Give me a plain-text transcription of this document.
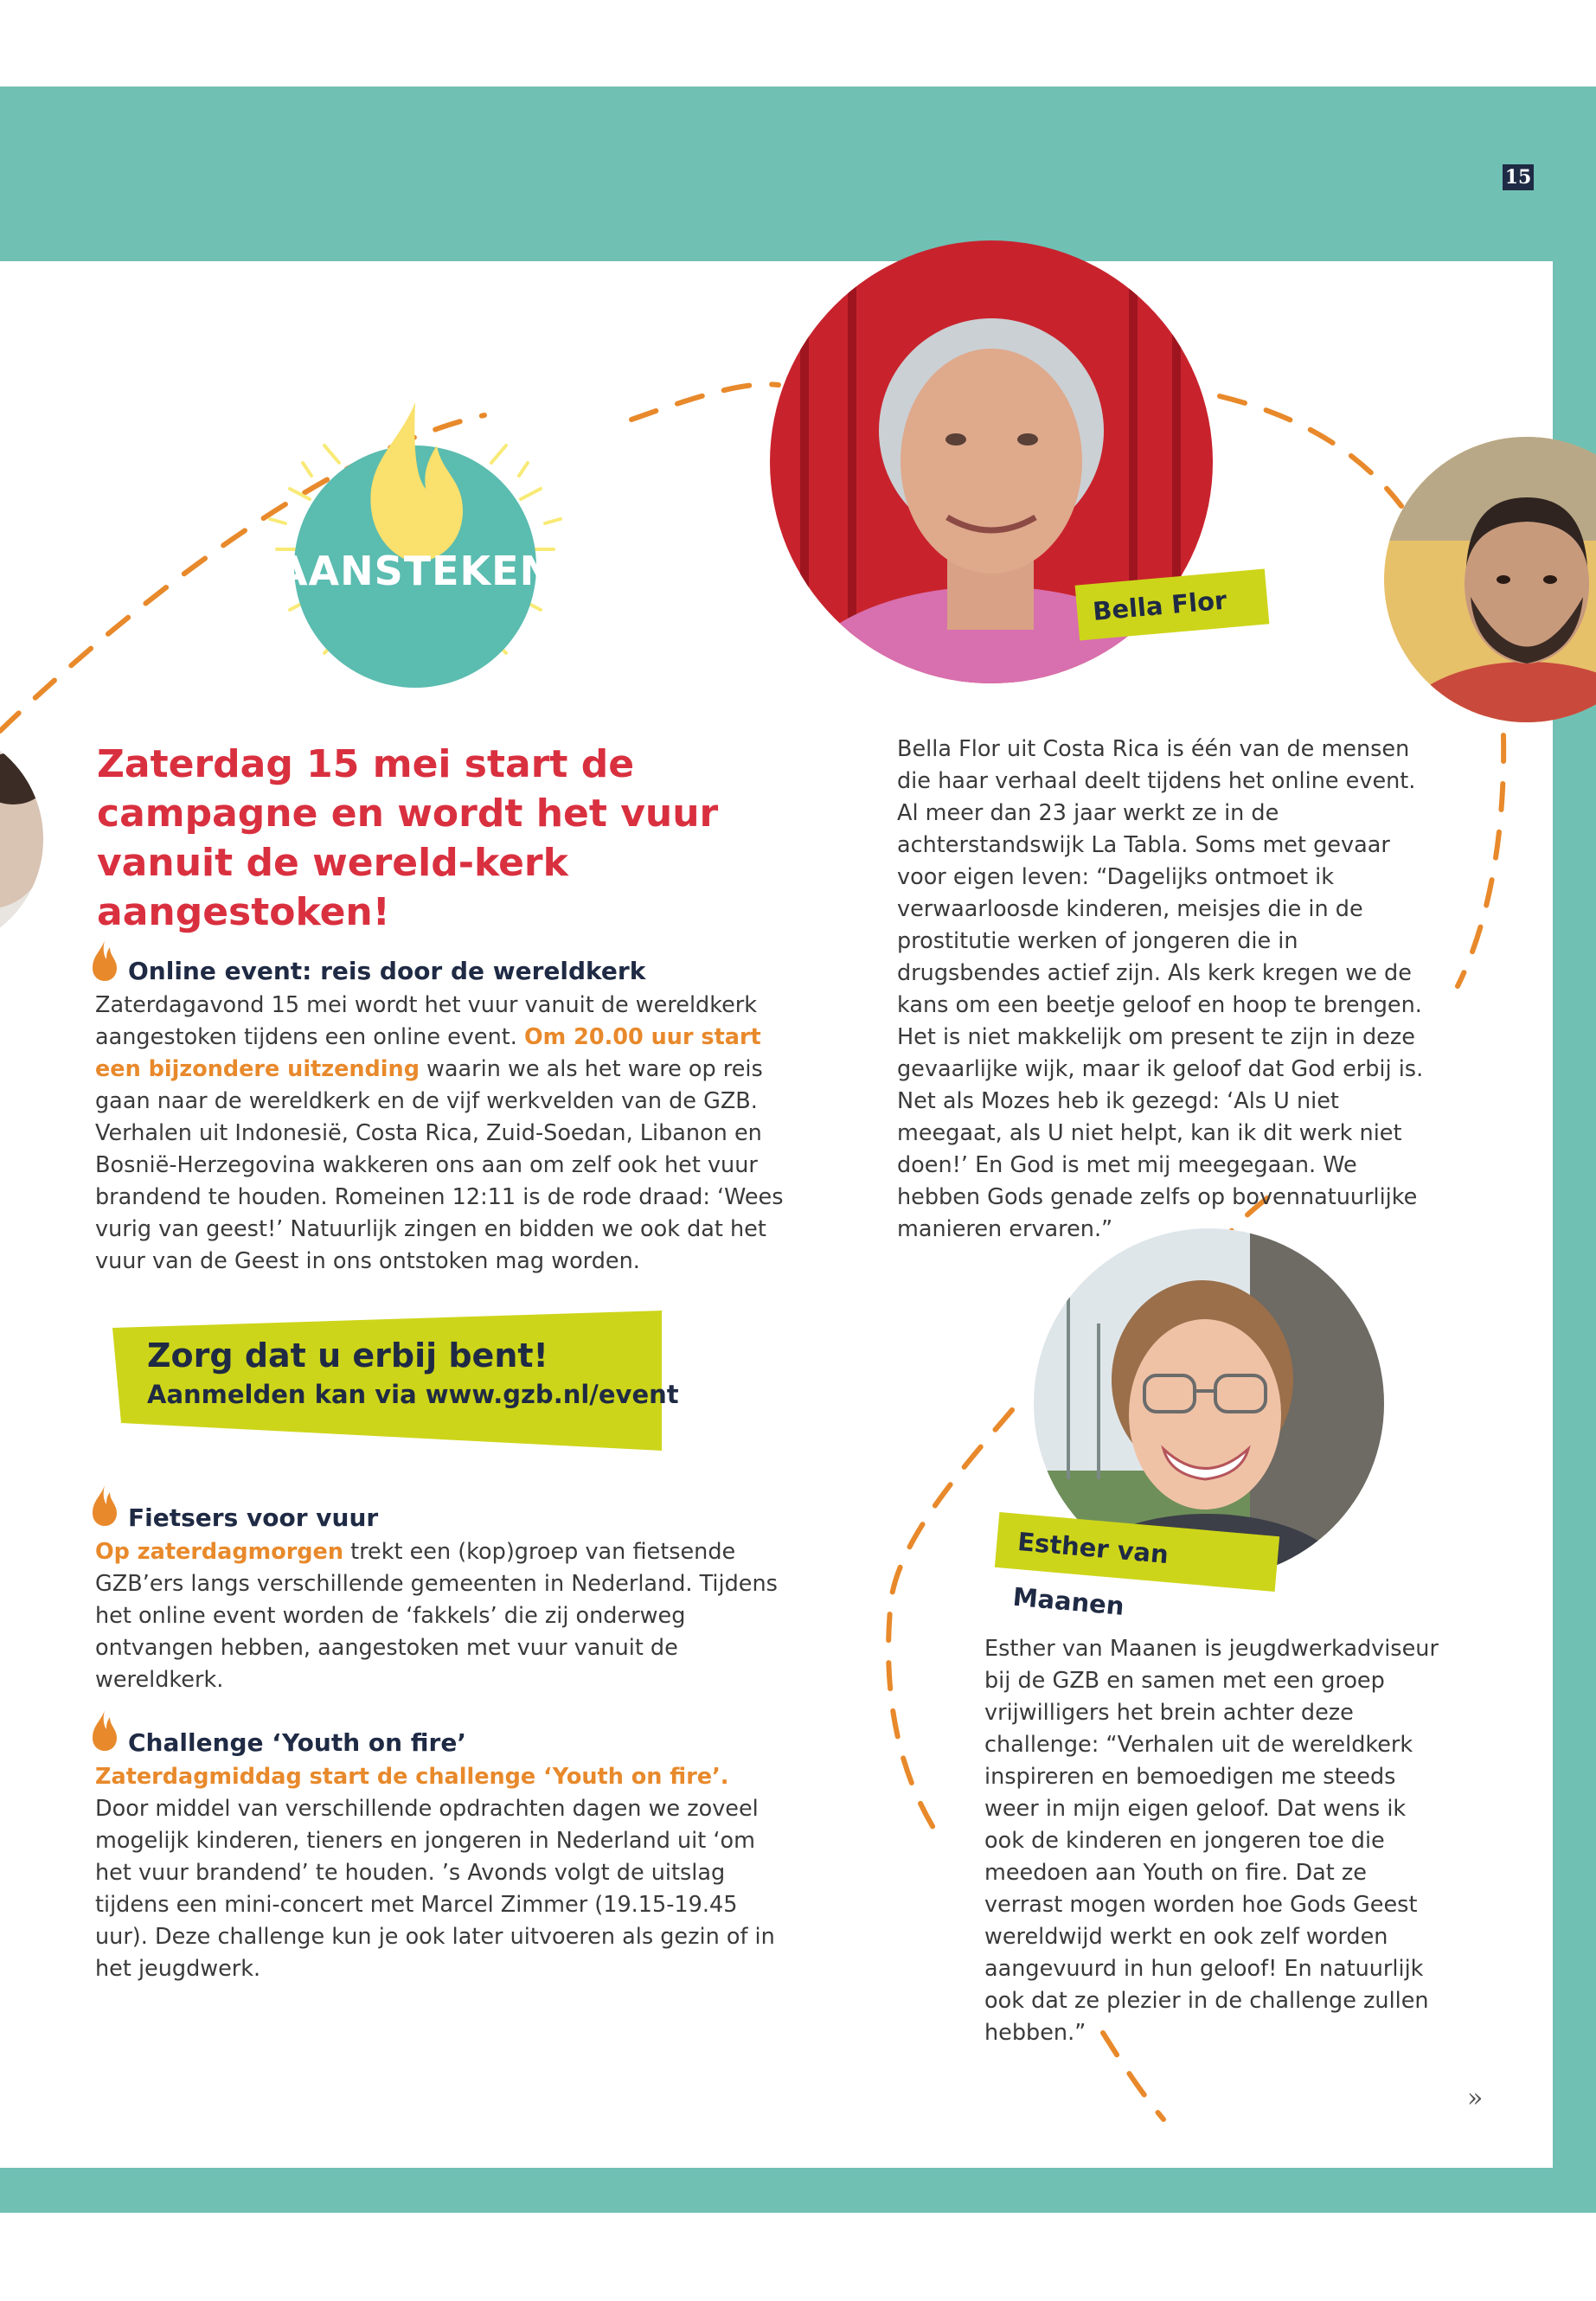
15
AANSTEKEN
Bella Flor
Esther van Maanen
Zaterdag 15 mei start de campagne en wordt het vuur vanuit de wereld-kerk aangestoken!
Online event: reis door de wereldkerk

Zaterdagavond 15 mei wordt het vuur vanuit de wereldkerk aangestoken tijdens een online event. Om 20.00 uur start een bijzondere uitzending waarin we als het ware op reis gaan naar de wereldkerk en de vijf werkvelden van de GZB. Verhalen uit Indonesië, Costa Rica, Zuid-Soedan, Libanon en Bosnië-Herzegovina wakkeren ons aan om zelf ook het vuur brandend te houden. Romeinen 12:11 is de rode draad: ‘Wees vurig van geest!’ Natuurlijk zingen en bidden we ook dat het vuur van de Geest in ons ontstoken mag worden.

Zorg dat u erbij bent!
Aanmelden kan via www.gzb.nl/event
Fietsers voor vuur

Op zaterdagmorgen trekt een (kop)groep van fietsende GZB’ers langs verschillende gemeenten in Nederland. Tijdens het online event worden de ‘fakkels’ die zij onderweg ontvangen hebben, aangestoken met vuur vanuit de wereldkerk.

Challenge ‘Youth on fire’

Zaterdagmiddag start de challenge ‘Youth on fire’. Door middel van verschillende opdrachten dagen we zoveel mogelijk kinderen, tieners en jongeren in Nederland uit ‘om het vuur brandend’ te houden. ’s Avonds volgt de uitslag tijdens een mini-concert met Marcel Zimmer (19.15-19.45 uur). Deze challenge kun je ook later uitvoeren als gezin of in het jeugdwerk.

Bella Flor uit Costa Rica is één van de mensen die haar verhaal deelt tijdens het online event. Al meer dan 23 jaar werkt ze in de achterstandswijk La Tabla. Soms met gevaar voor eigen leven: “Dagelijks ontmoet ik verwaarloosde kinderen, meisjes die in de prostitutie werken of jongeren die in drugsbendes actief zijn. Als kerk kregen we de kans om een beetje geloof en hoop te brengen. Het is niet makkelijk om present te zijn in deze gevaarlijke wijk, maar ik geloof dat God erbij is. Net als Mozes heb ik gezegd: ‘Als U niet meegaat, als U niet helpt, kan ik dit werk niet doen!’ En God is met mij meegegaan. We hebben Gods genade zelfs op bovennatuurlijke manieren ervaren.”

Esther van Maanen is jeugdwerkadviseur bij de GZB en samen met een groep vrijwilligers het brein achter deze challenge: “Verhalen uit de wereldkerk inspireren en bemoedigen me steeds weer in mijn eigen geloof. Dat wens ik ook de kinderen en jongeren toe die meedoen aan Youth on fire. Dat ze verrast mogen worden hoe Gods Geest wereldwijd werkt en ook zelf worden aangevuurd in hun geloof! En natuurlijk ook dat ze plezier in de challenge zullen hebben.”

»
